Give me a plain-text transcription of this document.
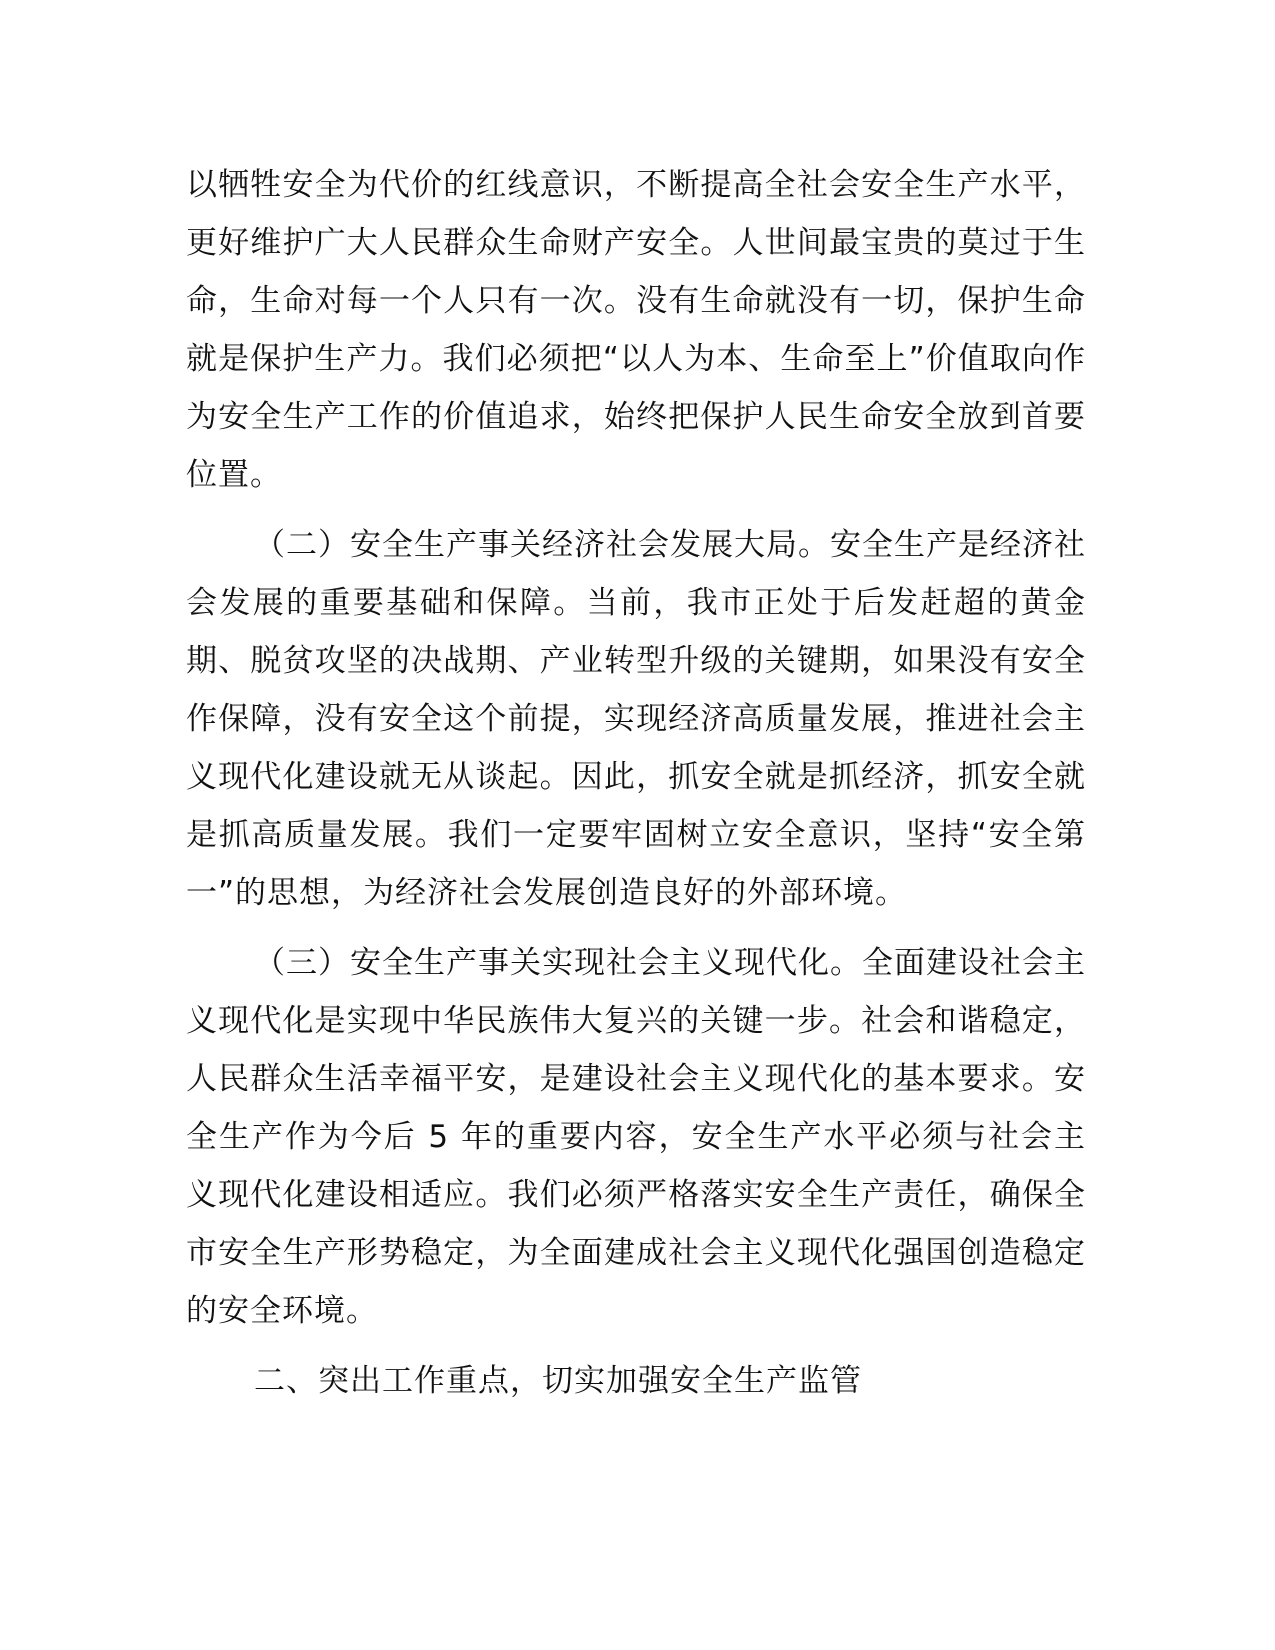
以牺牲安全为代价的红线意识，不断提高全社会安全生产水平，更好维护广大人民群众生命财产安全。人世间最宝贵的莫过于生命，生命对每一个人只有一次。没有生命就没有一切，保护生命就是保护生产力。我们必须把“以人为本、生命至上”价值取向作为安全生产工作的价值追求，始终把保护人民生命安全放到首要位置。

（二）安全生产事关经济社会发展大局。安全生产是经济社会发展的重要基础和保障。当前，我市正处于后发赶超的黄金期、脱贫攻坚的决战期、产业转型升级的关键期，如果没有安全作保障，没有安全这个前提，实现经济高质量发展，推进社会主义现代化建设就无从谈起。因此，抓安全就是抓经济，抓安全就是抓高质量发展。我们一定要牢固树立安全意识，坚持“安全第一”的思想，为经济社会发展创造良好的外部环境。

（三）安全生产事关实现社会主义现代化。全面建设社会主义现代化是实现中华民族伟大复兴的关键一步。社会和谐稳定，人民群众生活幸福平安，是建设社会主义现代化的基本要求。安全生产作为今后 5 年的重要内容，安全生产水平必须与社会主义现代化建设相适应。我们必须严格落实安全生产责任，确保全市安全生产形势稳定，为全面建成社会主义现代化强国创造稳定的安全环境。

二、突出工作重点，切实加强安全生产监管
